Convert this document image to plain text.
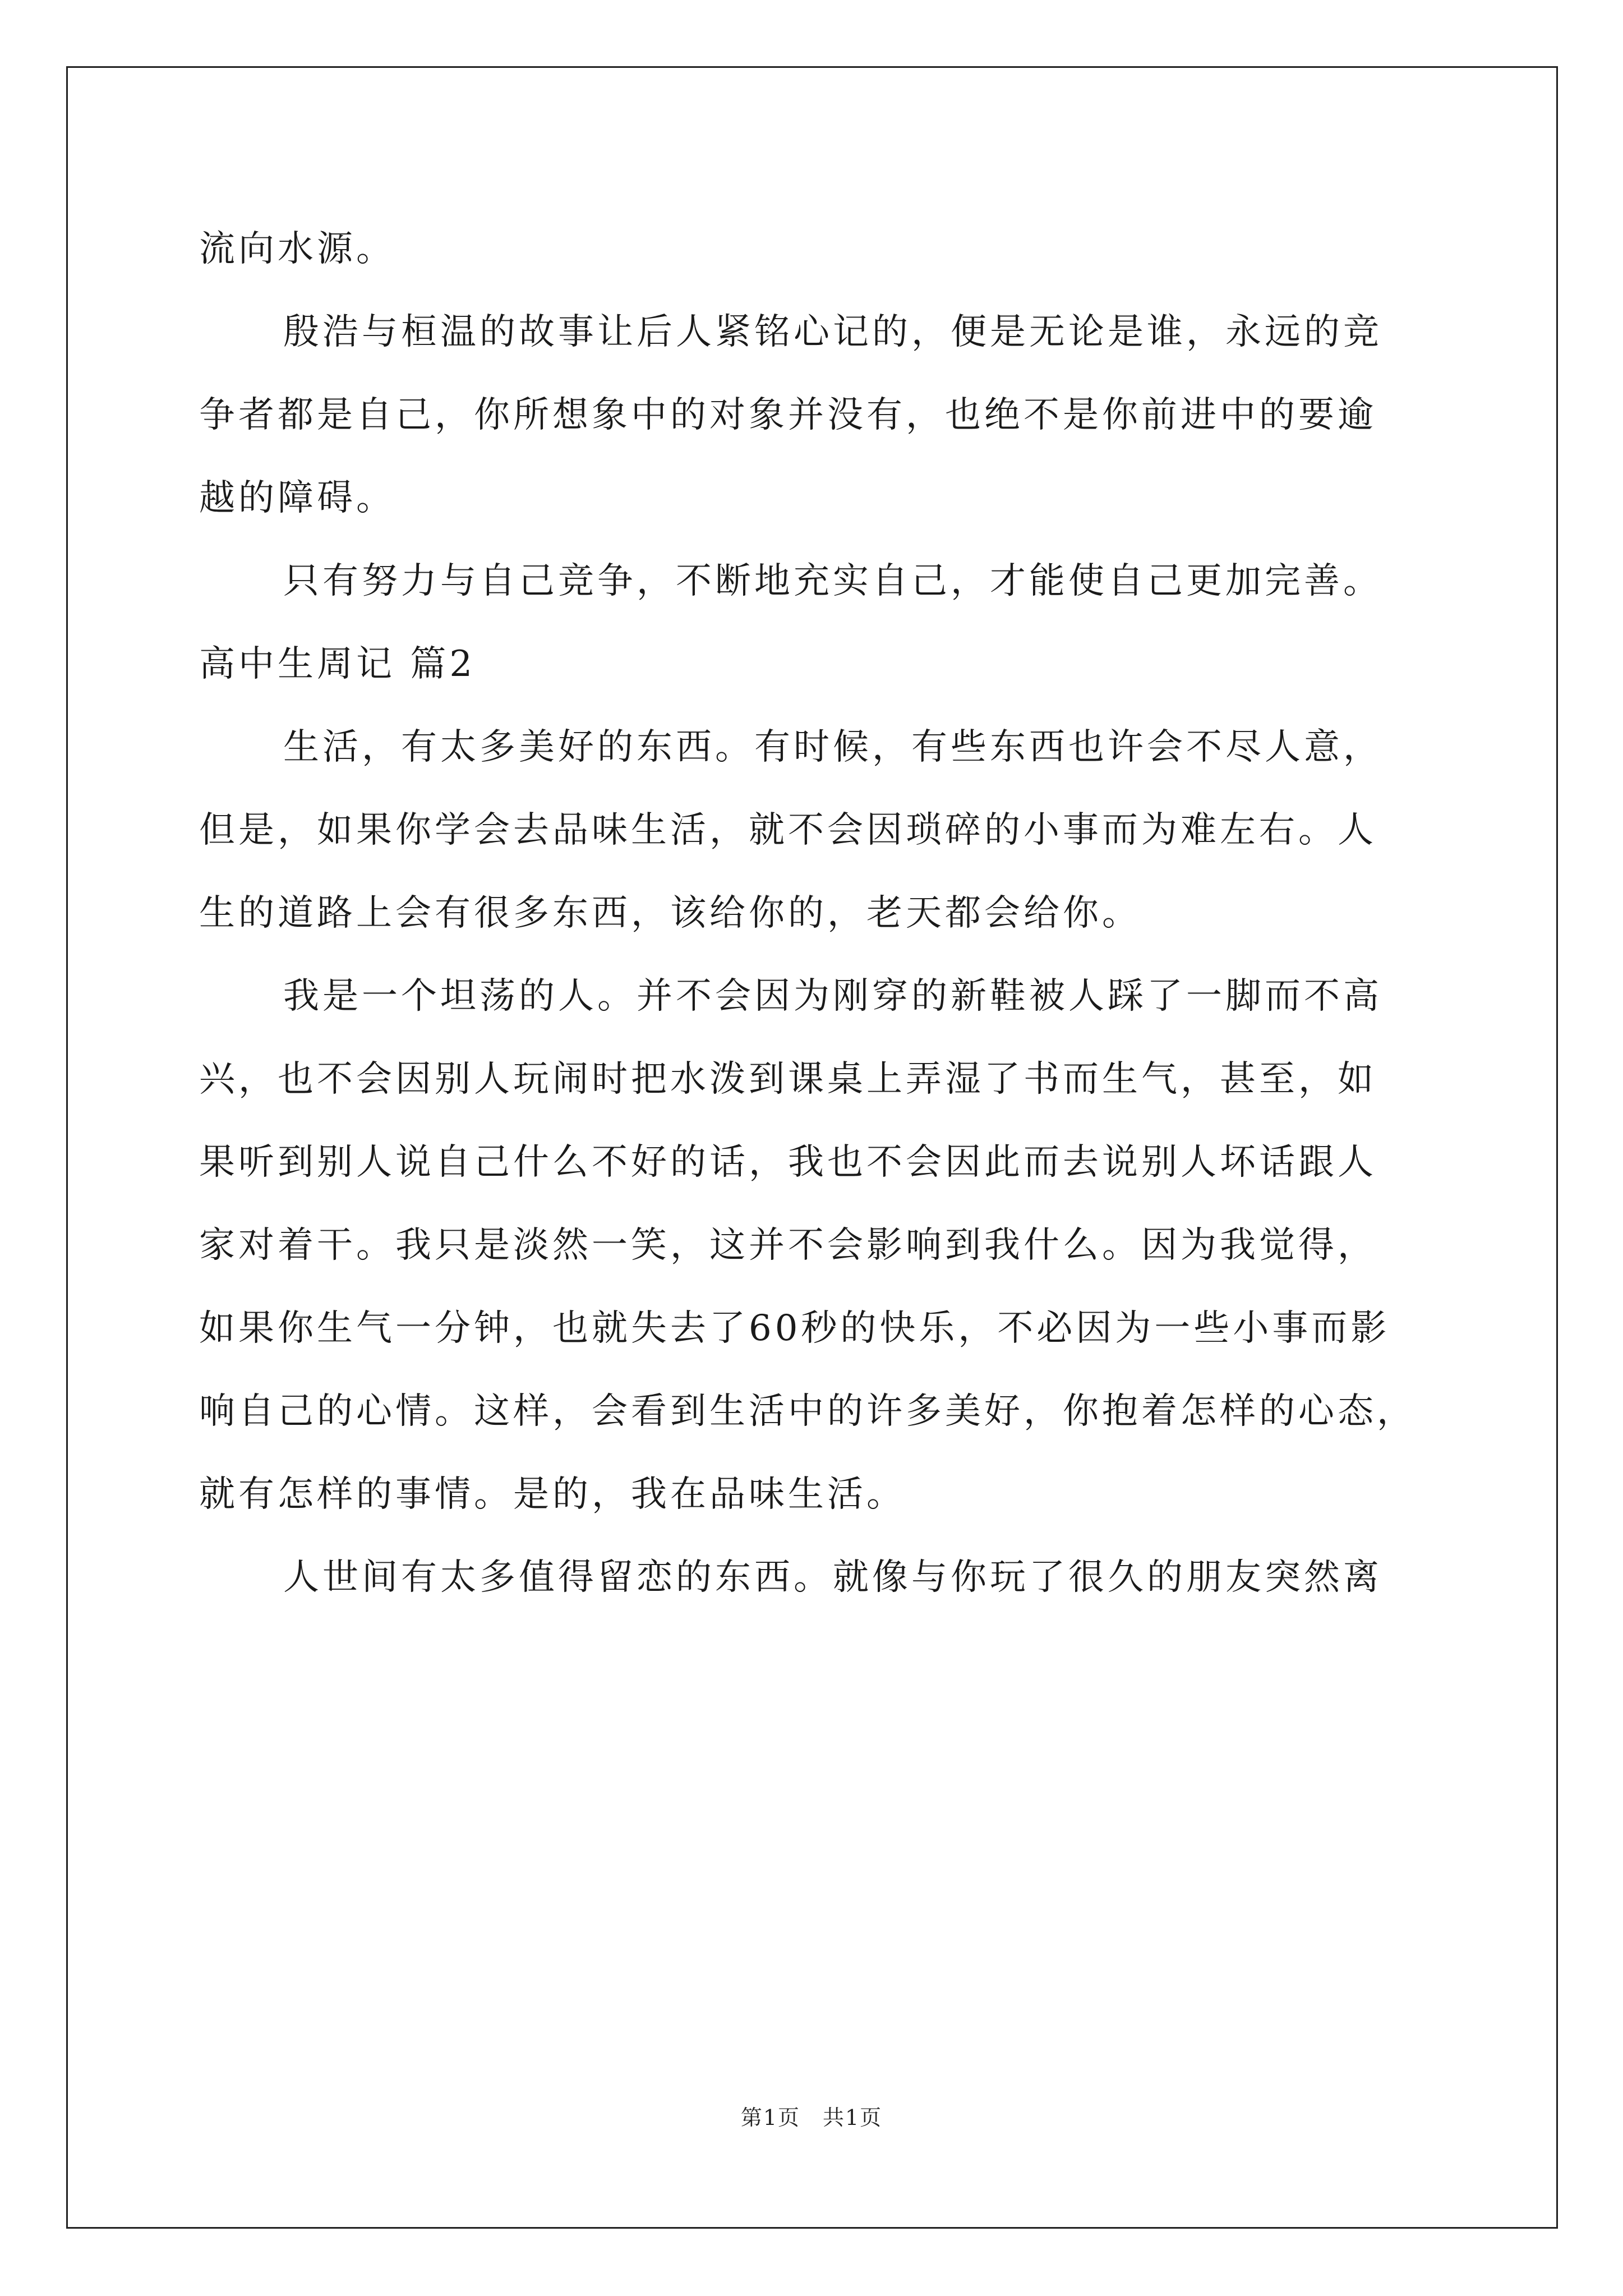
流向水源。
殷浩与桓温的故事让后人紧铭心记的，便是无论是谁，永远的竞
争者都是自己，你所想象中的对象并没有，也绝不是你前进中的要逾
越的障碍。
只有努力与自己竞争，不断地充实自己，才能使自己更加完善。
高中生周记 篇2
生活，有太多美好的东西。有时候，有些东西也许会不尽人意，
但是，如果你学会去品味生活，就不会因琐碎的小事而为难左右。人
生的道路上会有很多东西，该给你的，老天都会给你。
我是一个坦荡的人。并不会因为刚穿的新鞋被人踩了一脚而不高
兴，也不会因别人玩闹时把水泼到课桌上弄湿了书而生气，甚至，如
果听到别人说自己什么不好的话，我也不会因此而去说别人坏话跟人
家对着干。我只是淡然一笑，这并不会影响到我什么。因为我觉得，
如果你生气一分钟，也就失去了60秒的快乐，不必因为一些小事而影
响自己的心情。这样，会看到生活中的许多美好，你抱着怎样的心态，
就有怎样的事情。是的，我在品味生活。
人世间有太多值得留恋的东西。就像与你玩了很久的朋友突然离
第1页　共1页
